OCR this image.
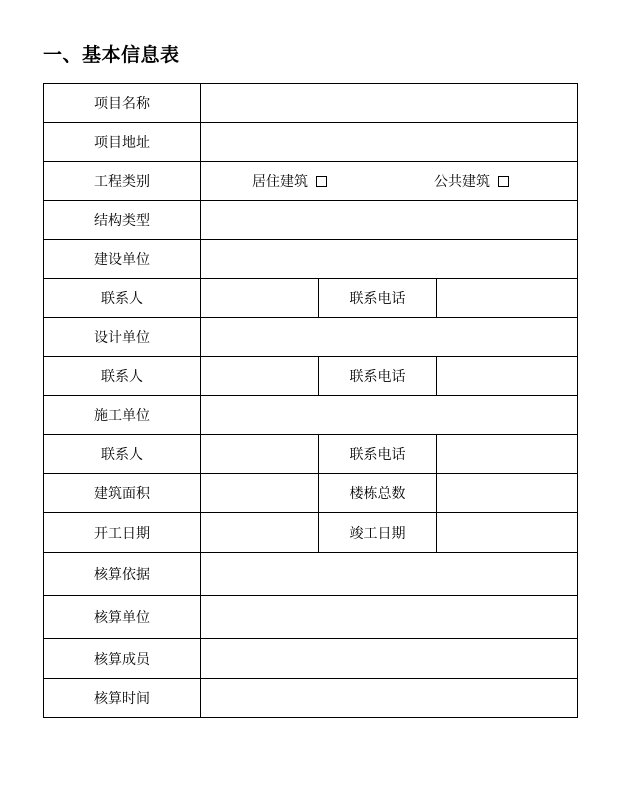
一、基本信息表
项目名称			
项目地址			
工程类别	居住建筑 公共建筑		

结构类型			
建设单位			
联系人		联系电话	
设计单位			
联系人		联系电话	
施工单位			
联系人		联系电话	
建筑面积		楼栋总数	
开工日期		竣工日期	
核算依据			
核算单位			
核算成员			
核算时间			
